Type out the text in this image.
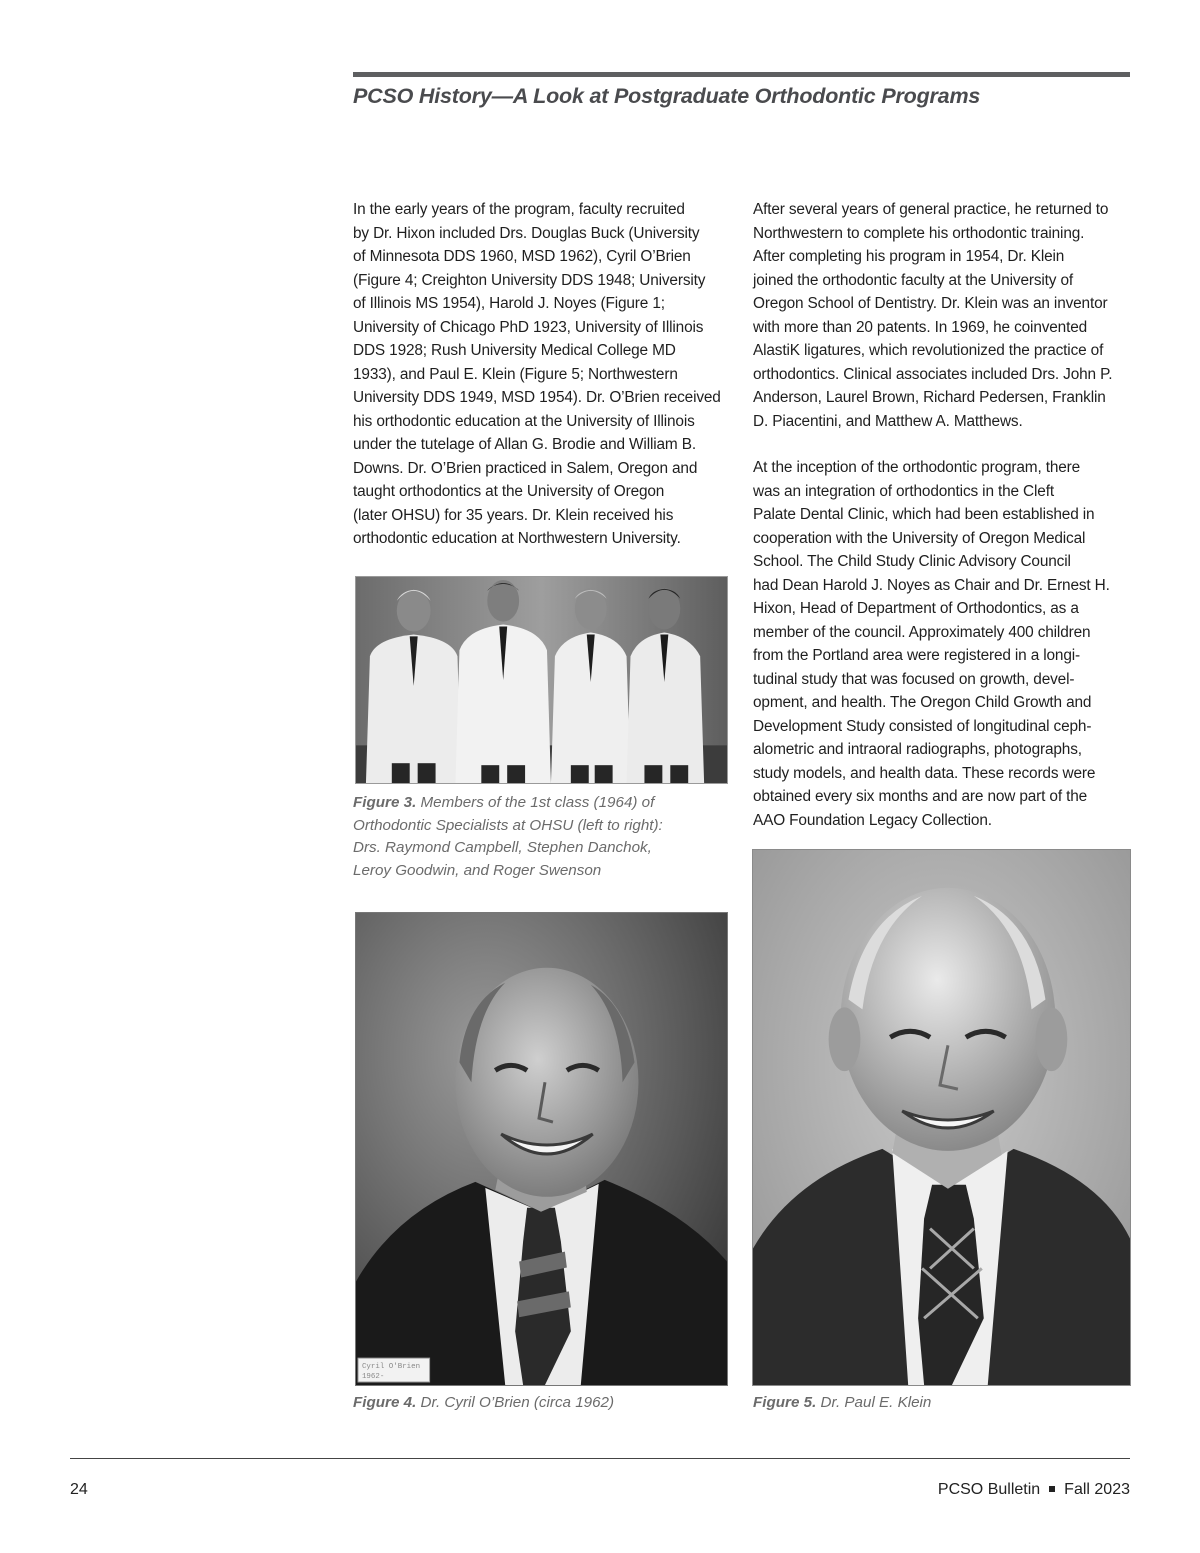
PCSO History—A Look at Postgraduate Orthodontic Programs
In the early years of the program, faculty recruited
by Dr. Hixon included Drs. Douglas Buck (University
of Minnesota DDS 1960, MSD 1962), Cyril O’Brien
(Figure 4; Creighton University DDS 1948; University
of Illinois MS 1954), Harold J. Noyes (Figure 1;
University of Chicago PhD 1923, University of Illinois
DDS 1928; Rush University Medical College MD
1933), and Paul E. Klein (Figure 5; Northwestern
University DDS 1949, MSD 1954). Dr. O’Brien received
his orthodontic education at the University of Illinois
under the tutelage of Allan G. Brodie and William B.
Downs. Dr. O’Brien practiced in Salem, Oregon and
taught orthodontics at the University of Oregon
(later OHSU) for 35 years. Dr. Klein received his
orthodontic education at Northwestern University.
After several years of general practice, he returned to
Northwestern to complete his orthodontic training.
After completing his program in 1954, Dr. Klein
joined the orthodontic faculty at the University of
Oregon School of Dentistry. Dr. Klein was an inventor
with more than 20 patents. In 1969, he coinvented
AlastiK ligatures, which revolutionized the practice of
orthodontics. Clinical associates included Drs. John P.
Anderson, Laurel Brown, Richard Pedersen, Franklin
D. Piacentini, and Matthew A. Matthews.
At the inception of the orthodontic program, there
was an integration of orthodontics in the Cleft
Palate Dental Clinic, which had been established in
cooperation with the University of Oregon Medical
School. The Child Study Clinic Advisory Council
had Dean Harold J. Noyes as Chair and Dr. Ernest H.
Hixon, Head of Department of Orthodontics, as a
member of the council. Approximately 400 children
from the Portland area were registered in a longi-
tudinal study that was focused on growth, devel-
opment, and health. The Oregon Child Growth and
Development Study consisted of longitudinal ceph-
alometric and intraoral radiographs, photographs,
study models, and health data. These records were
obtained every six months and are now part of the
AAO Foundation Legacy Collection.
Figure 3. Members of the 1st class (1964) of
Orthodontic Specialists at OHSU (left to right):
Drs. Raymond Campbell, Stephen Danchok,
Leroy Goodwin, and Roger Swenson
Cyril O'Brien
1962-
Figure 4. Dr. Cyril O’Brien (circa 1962)	Figure 5. Dr. Paul E. Klein
24	PCSO Bulletin Fall 2023
